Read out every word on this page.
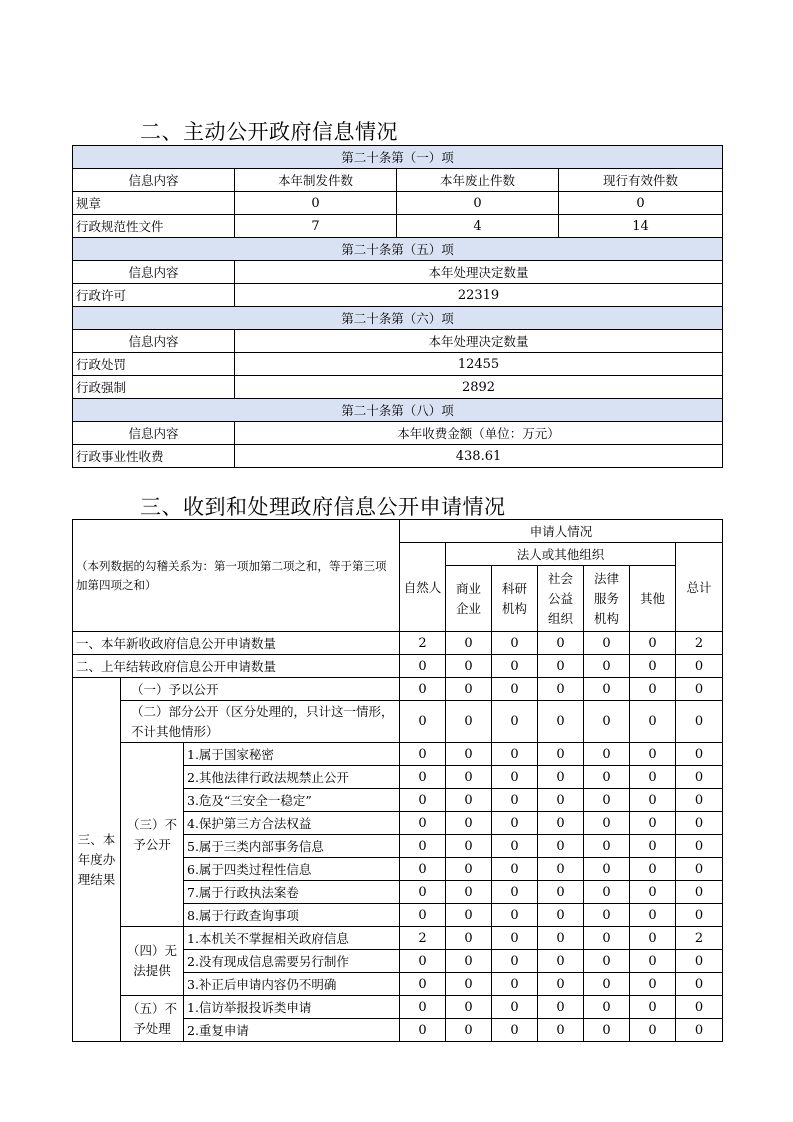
二、主动公开政府信息情况
第二十条第（一）项			
信息内容	本年制发件数	本年废止件数	现行有效件数
规章	0	0	0
行政规范性文件	7	4	14
第二十条第（五）项			
信息内容	本年处理决定数量		
行政许可	22319		
第二十条第（六）项			
信息内容	本年处理决定数量		
行政处罚	12455		
行政强制	2892		
第二十条第（八）项			
信息内容	本年收费金额（单位：万元）		
行政事业性收费	438.61		
三、收到和处理政府信息公开申请情况
（本列数据的勾稽关系为：第一项加第二项之和，等于第三项加第四项之和）			申请人情况						
			自然人	法人或其他组织					总计
				商业企业	科研机构	社会公益组织	法律服务机构	其他	
一、本年新收政府信息公开申请数量			2	0	0	0	0	0	2
二、上年结转政府信息公开申请数量			0	0	0	0	0	0	0
三、本年度办理结果	（一）予以公开		0	0	0	0	0	0	0
	（二）部分公开（区分处理的，只计这一情形，不计其他情形）		0	0	0	0	0	0	0
	（三）不予公开	1.属于国家秘密	0	0	0	0	0	0	0
		2.其他法律行政法规禁止公开	0	0	0	0	0	0	0
		3.危及“三安全一稳定”	0	0	0	0	0	0	0
		4.保护第三方合法权益	0	0	0	0	0	0	0
		5.属于三类内部事务信息	0	0	0	0	0	0	0
		6.属于四类过程性信息	0	0	0	0	0	0	0
		7.属于行政执法案卷	0	0	0	0	0	0	0
		8.属于行政查询事项	0	0	0	0	0	0	0
	（四）无法提供	1.本机关不掌握相关政府信息	2	0	0	0	0	0	2
		2.没有现成信息需要另行制作	0	0	0	0	0	0	0
		3.补正后申请内容仍不明确	0	0	0	0	0	0	0
	（五）不予处理	1.信访举报投诉类申请	0	0	0	0	0	0	0
		2.重复申请	0	0	0	0	0	0	0
